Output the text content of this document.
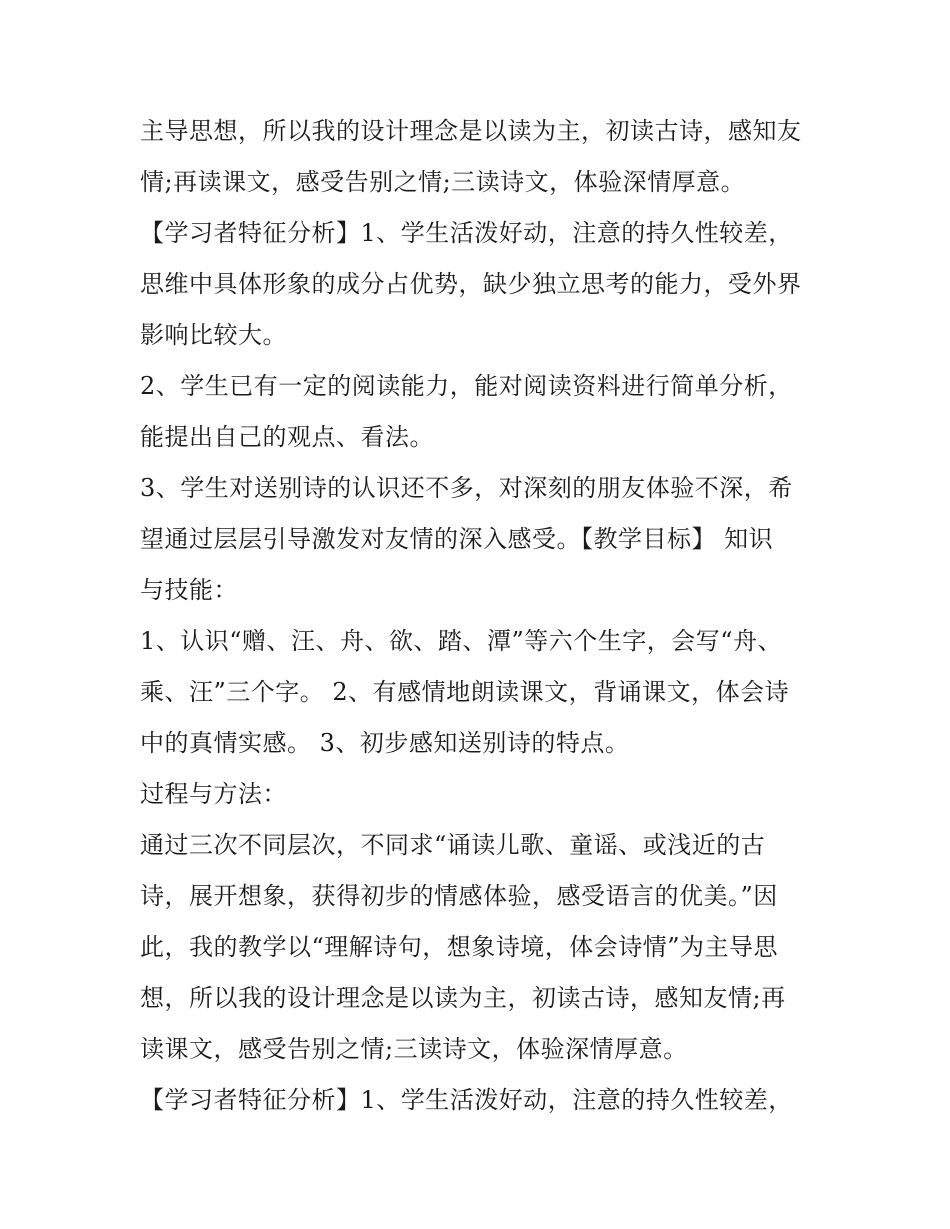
主导思想，所以我的设计理念是以读为主，初读古诗，感知友
情;再读课文，感受告别之情;三读诗文，体验深情厚意。
【学习者特征分析】1、学生活泼好动，注意的持久性较差，
思维中具体形象的成分占优势，缺少独立思考的能力，受外界
影响比较大。
2、学生已有一定的阅读能力，能对阅读资料进行简单分析，
能提出自己的观点、看法。
3、学生对送别诗的认识还不多，对深刻的朋友体验不深，希
望通过层层引导激发对友情的深入感受。【教学目标】 知识
与技能：
1、认识“赠、汪、舟、欲、踏、潭”等六个生字，会写“舟、
乘、汪”三个字。 2、有感情地朗读课文，背诵课文，体会诗
中的真情实感。 3、初步感知送别诗的特点。
过程与方法：
通过三次不同层次，不同求“诵读儿歌、童谣、或浅近的古
诗，展开想象，获得初步的情感体验，感受语言的优美。”因
此，我的教学以“理解诗句，想象诗境，体会诗情”为主导思
想，所以我的设计理念是以读为主，初读古诗，感知友情;再
读课文，感受告别之情;三读诗文，体验深情厚意。
【学习者特征分析】1、学生活泼好动，注意的持久性较差，
